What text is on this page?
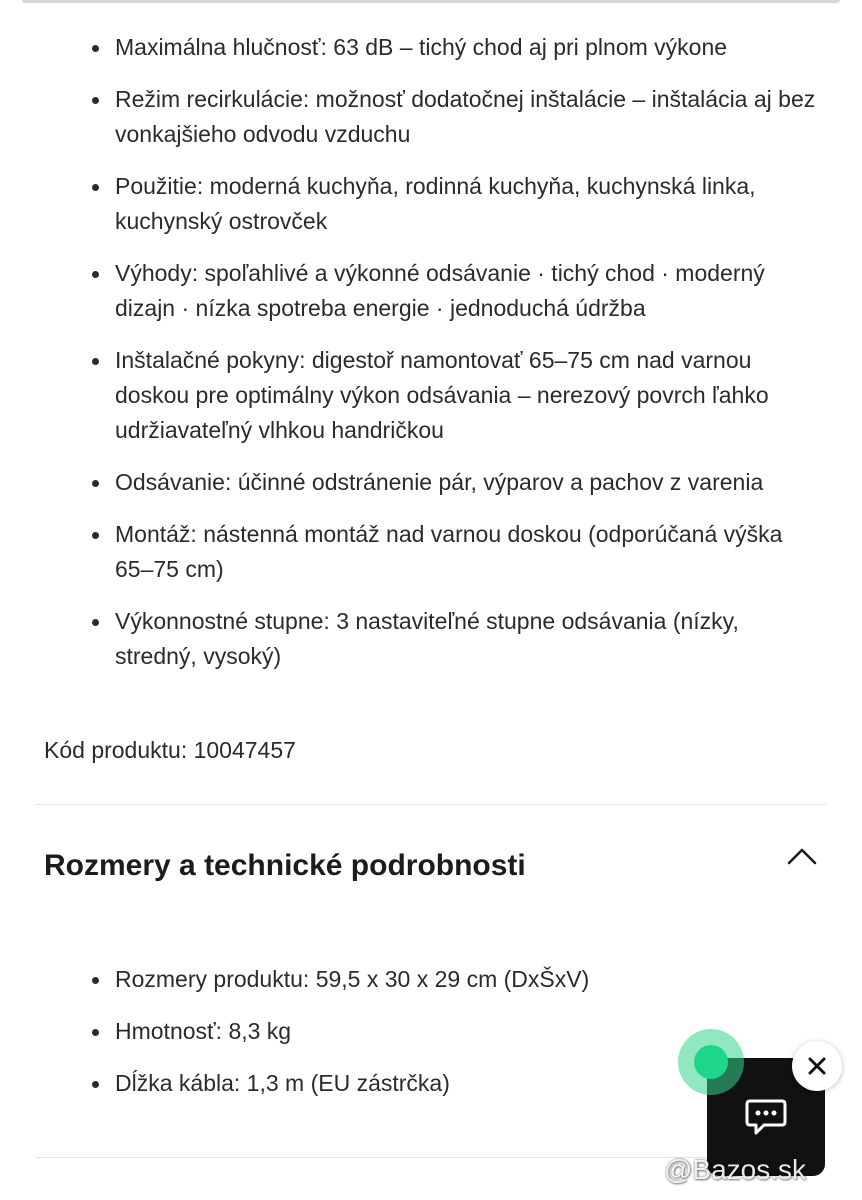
Maximálna hlučnosť: 63 dB – tichý chod aj pri plnom výkone
Režim recirkulácie: možnosť dodatočnej inštalácie – inštalácia aj bez vonkajšieho odvodu vzduchu
Použitie: moderná kuchyňa, rodinná kuchyňa, kuchynská linka, kuchynský ostrovček
Výhody: spoľahlivé a výkonné odsávanie · tichý chod · moderný dizajn · nízka spotreba energie · jednoduchá údržba
Inštalačné pokyny: digestoř namontovať 65–75 cm nad varnou doskou pre optimálny výkon odsávania – nerezový povrch ľahko udržiavateľný vlhkou handričkou
Odsávanie: účinné odstránenie pár, výparov a pachov z varenia
Montáž: nástenná montáž nad varnou doskou (odporúčaná výška 65–75 cm)
Výkonnostné stupne: 3 nastaviteľné stupne odsávania (nízky, stredný, vysoký)
Kód produktu: 10047457
Rozmery a technické podrobnosti
Rozmery produktu: 59,5 x 30 x 29 cm (DxŠxV)
Hmotnosť: 8,3 kg
Dĺžka kábla: 1,3 m (EU zástrčka)
@Bazos.sk
